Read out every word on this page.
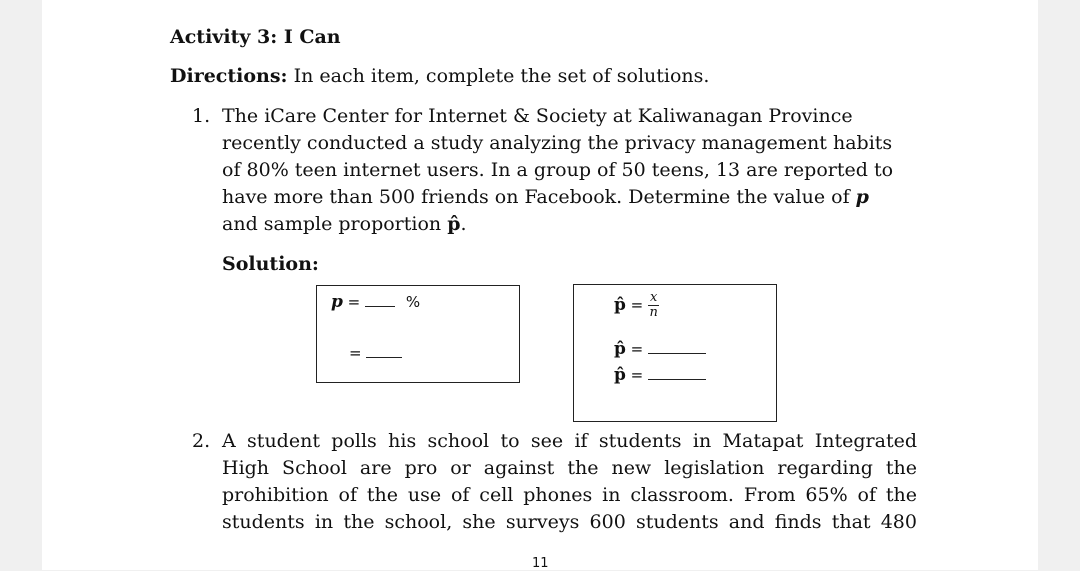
Activity 3: I Can
Directions: In each item, complete the set of solutions.
1. The iCare Center for Internet & Society at Kaliwanagan Province
recently conducted a study analyzing the privacy management habits
of 80% teen internet users. In a group of 50 teens, 13 are reported to
have more than 500 friends on Facebook. Determine the value of p
and sample proportion p̂.
Solution:
p =	%
=
p̂ = $\frac{x}{n}$
p̂ =
p̂ =
2. A student polls his school to see if students in Matapat Integrated
High School are pro or against the new legislation regarding the
prohibition of the use of cell phones in classroom. From 65% of the
students in the school, she surveys 600 students and finds that 480
11
